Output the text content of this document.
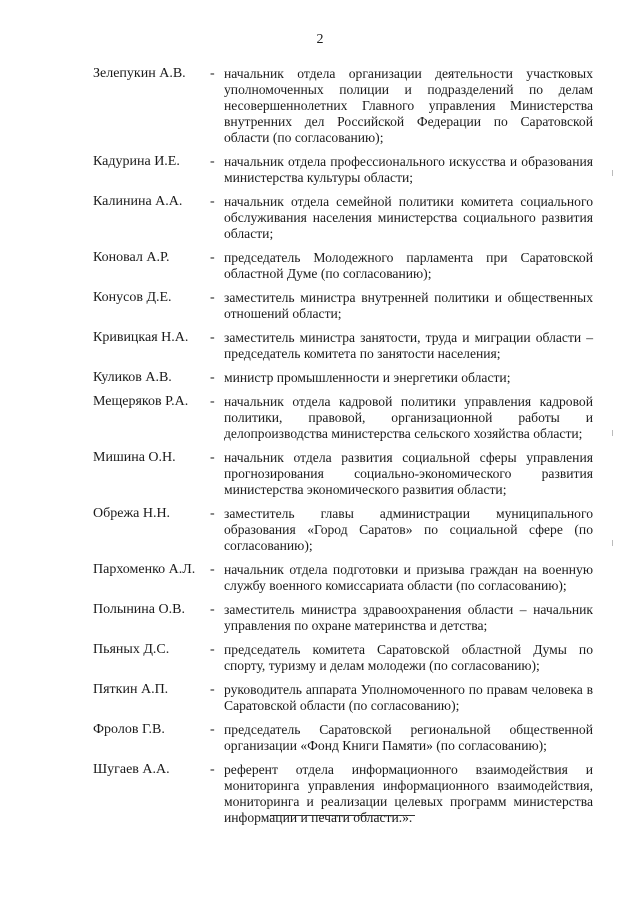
2
Зелепукин А.В. - начальник отдела организации деятельности участковых уполномоченных полиции и подразделений по делам несовершеннолетних Главного управления Министерства внутренних дел Российской Федерации по Саратовской области (по согласованию);
Кадурина И.Е. - начальник отдела профессионального искусства и образования министерства культуры области;
Калинина А.А. - начальник отдела семейной политики комитета социального обслуживания населения министерства социального развития области;
Коновал А.Р.	- председатель Молодежного парламента при Саратовской областной Думе (по согласованию);
Конусов Д.Е.	- заместитель министра внутренней политики и общественных отношений области;
Кривицкая Н.А. - заместитель министра занятости, труда и миграции области – председатель комитета по занятости населения;
Куликов А.В.	- министр промышленности и энергетики области;
Мещеряков Р.А. - начальник отдела кадровой политики управления кадровой политики, правовой, организационной работы и делопроизводства министерства сельского хозяйства области;
Мишина О.Н. - начальник отдела развития социальной сферы управления прогнозирования социально-экономического развития министерства экономического развития области;
Обрежа Н.Н.	- заместитель главы администрации муниципального образования «Город Саратов» по социальной сфере (по согласованию);
Пархоменко А.Л. - начальник отдела подготовки и призыва граждан на военную службу военного комиссариата области (по согласованию);
Полынина О.В. - заместитель министра здравоохранения области – начальник управления по охране материнства и детства;
Пьяных Д.С.	- председатель комитета Саратовской областной Думы по спорту, туризму и делам молодежи (по согласованию);
Пяткин А.П.	- руководитель аппарата Уполномоченного по правам человека в Саратовской области (по согласованию);
Фролов Г.В.	- председатель Саратовской региональной общественной организации «Фонд Книги Памяти» (по согласованию);
Шугаев А.А.	- референт отдела информационного взаимодействия и мониторинга управления информационного взаимодействия, мониторинга и реализации целевых программ министерства информации и печати области.».
